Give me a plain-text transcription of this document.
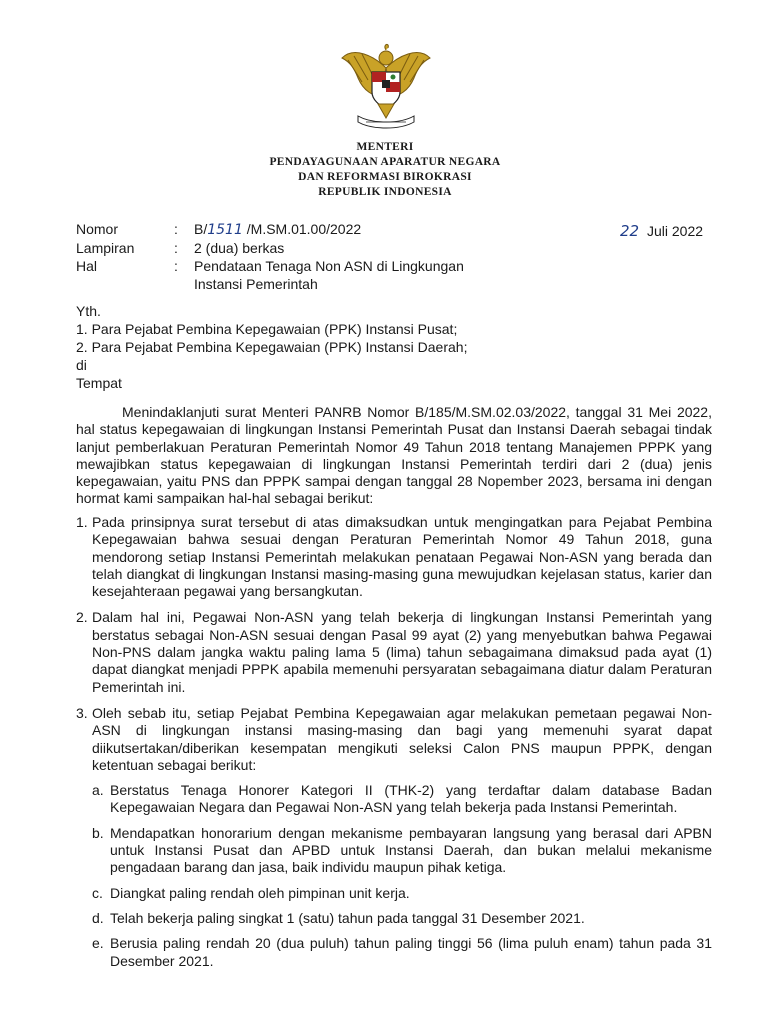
MENTERI
PENDAYAGUNAAN APARATUR NEGARA
DAN REFORMASI BIROKRASI
REPUBLIK INDONESIA
Nomor	:	B/1511 /M.SM.01.00/2022
Lampiran	:	2 (dua) berkas
Hal	:	Pendataan Tenaga Non ASN di Lingkungan
Instansi Pemerintah
22 Juli 2022
Yth.
1. Para Pejabat Pembina Kepegawaian (PPK) Instansi Pusat;
2. Para Pejabat Pembina Kepegawaian (PPK) Instansi Daerah;
di
Tempat

Menindaklanjuti surat Menteri PANRB Nomor B/185/M.SM.02.03/2022, tanggal 31 Mei 2022, hal status kepegawaian di lingkungan Instansi Pemerintah Pusat dan Instansi Daerah sebagai tindak lanjut pemberlakuan Peraturan Pemerintah Nomor 49 Tahun 2018 tentang Manajemen PPPK yang mewajibkan status kepegawaian di lingkungan Instansi Pemerintah terdiri dari 2 (dua) jenis kepegawaian, yaitu PNS dan PPPK sampai dengan tanggal 28 Nopember 2023, bersama ini dengan hormat kami sampaikan hal-hal sebagai berikut:

1. Pada prinsipnya surat tersebut di atas dimaksudkan untuk mengingatkan para Pejabat Pembina Kepegawaian bahwa sesuai dengan Peraturan Pemerintah Nomor 49 Tahun 2018, guna mendorong setiap Instansi Pemerintah melakukan penataan Pegawai Non-ASN yang berada dan telah diangkat di lingkungan Instansi masing-masing guna mewujudkan kejelasan status, karier dan kesejahteraan pegawai yang bersangkutan.
2. Dalam hal ini, Pegawai Non-ASN yang telah bekerja di lingkungan Instansi Pemerintah yang berstatus sebagai Non-ASN sesuai dengan Pasal 99 ayat (2) yang menyebutkan bahwa Pegawai Non-PNS dalam jangka waktu paling lama 5 (lima) tahun sebagaimana dimaksud pada ayat (1) dapat diangkat menjadi PPPK apabila memenuhi persyaratan sebagaimana diatur dalam Peraturan Pemerintah ini.
3. Oleh sebab itu, setiap Pejabat Pembina Kepegawaian agar melakukan pemetaan pegawai Non-ASN di lingkungan instansi masing-masing dan bagi yang memenuhi syarat dapat diikutsertakan/diberikan kesempatan mengikuti seleksi Calon PNS maupun PPPK, dengan ketentuan sebagai berikut:
a. Berstatus Tenaga Honorer Kategori II (THK-2) yang terdaftar dalam database Badan Kepegawaian Negara dan Pegawai Non-ASN yang telah bekerja pada Instansi Pemerintah.
b. Mendapatkan honorarium dengan mekanisme pembayaran langsung yang berasal dari APBN untuk Instansi Pusat dan APBD untuk Instansi Daerah, dan bukan melalui mekanisme pengadaan barang dan jasa, baik individu maupun pihak ketiga.
c. Diangkat paling rendah oleh pimpinan unit kerja.
d. Telah bekerja paling singkat 1 (satu) tahun pada tanggal 31 Desember 2021.
e. Berusia paling rendah 20 (dua puluh) tahun paling tinggi 56 (lima puluh enam) tahun pada 31 Desember 2021.
